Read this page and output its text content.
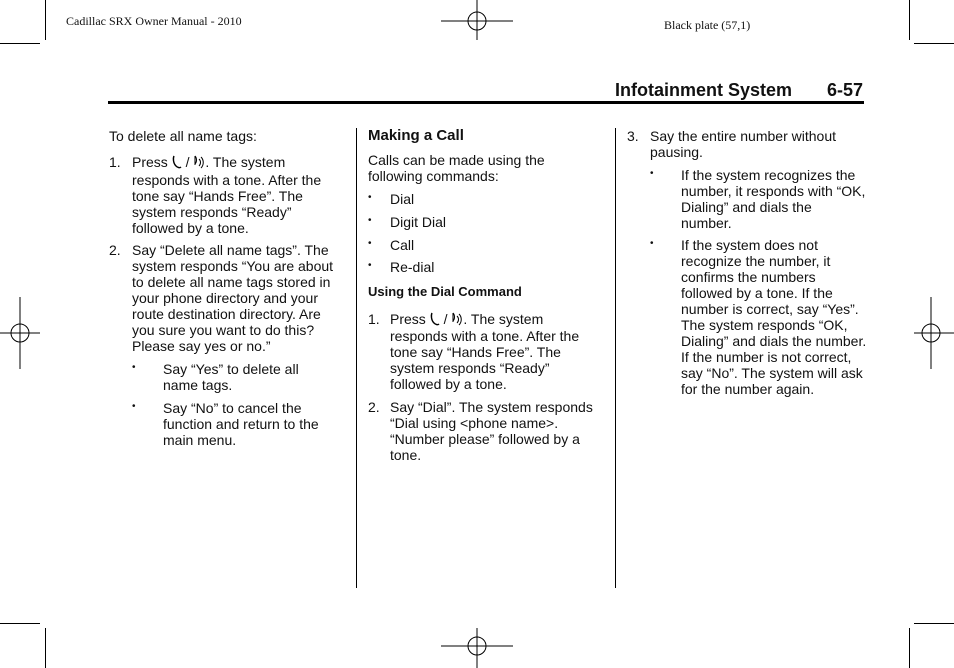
Cadillac SRX Owner Manual - 2010	Black plate (57,1)
Infotainment System 6-57
To delete all name tags:
1. Press / . The system
responds with a tone. After the tone say “Hands Free”. The system responds “Ready” followed by a tone.
2. Say “Delete all name tags”. The system responds “You are about to delete all name tags stored in your phone directory and your route destination directory. Are you sure you want to do this? Please say yes or no.”
• Say “Yes” to delete all name tags.
• Say “No” to cancel the function and return to the main menu.
Making a Call
Calls can be made using the following commands:
• Dial
• Digit Dial
• Call
• Re-dial
Using the Dial Command
1. Press / . The system
responds with a tone. After the tone say “Hands Free”. The system responds “Ready” followed by a tone.
2. Say “Dial”. The system responds “Dial using <phone name>. “Number please” followed by a tone.
3. Say the entire number without pausing.
• If the system recognizes the number, it responds with “OK, Dialing” and dials the number.
• If the system does not recognize the number, it confirms the numbers followed by a tone. If the number is correct, say “Yes”. The system responds “OK, Dialing” and dials the number. If the number is not correct, say “No”. The system will ask for the number again.
